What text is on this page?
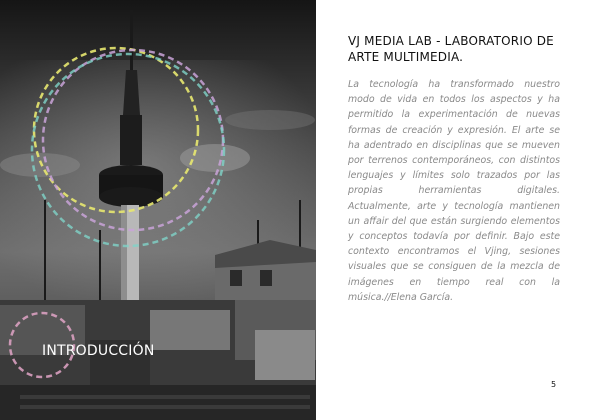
INTRODUCCIÓN
VJ MEDIA LAB - LABORATORIO DE ARTE MULTIMEDIA.

La tecnología ha transformado nuestro modo de vida en todos los aspectos y ha permitido la experimentación de nuevas formas de creación y expresión. El arte se ha adentrado en disciplinas que se mueven por terrenos contemporáneos, con distintos lenguajes y límites solo trazados por las propias herramientas digitales. Actualmente, arte y tecnología mantienen un affair del que están surgiendo elementos y conceptos todavía por definir. Bajo este contexto encontramos el Vjing, sesiones visuales que se consiguen de la mezcla de imágenes en tiempo real con la música.//Elena García.

5
